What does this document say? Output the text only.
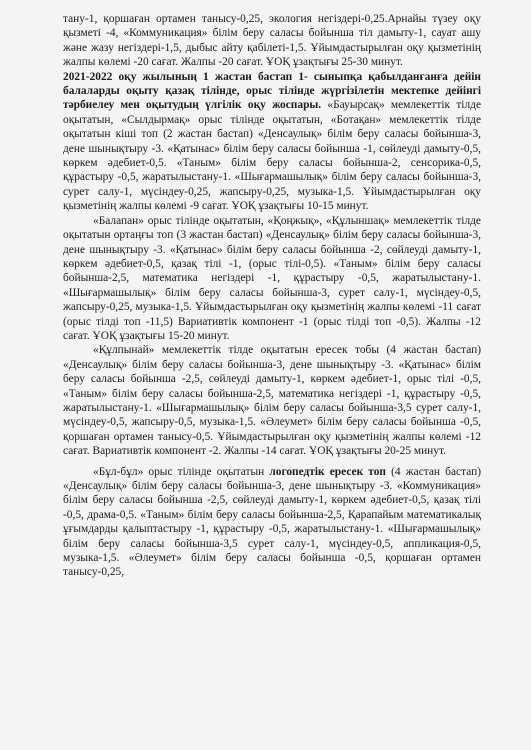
тану-1, қоршаған ортамен танысу-0,25, экология негіздері-0,25.Арнайы түзеу оқу қызметі -4, «Коммуникация» білім беру саласы бойынша тіл дамыту-1, сауат ашу және жазу негіздері-1,5, дыбыс айту қабілеті-1,5. Ұйымдастырылған оқу қызметінің жалпы көлемі -20 сағат. Жалпы -20 сағат. ҰОҚ ұзақтығы 25-30 минут.

2021-2022 оқу жылының 1 жастан бастап 1- сыныпқа қабылданғанға дейін балаларды оқыту қазақ тілінде, орыс тілінде жүргізілетін мектепке дейінгі тәрбиелеу мен оқытудың үлгілік оқу жоспары. «Бауырсақ» мемлекеттік тілде оқытатын, «Сылдырмақ» орыс тілінде оқытатын, «Ботақан» мемлекеттік тілде оқытатын кіші топ (2 жастан бастап) «Денсаулық» білім беру саласы бойынша-3, дене шынықтыру -3. «Қатынас» білім беру саласы бойынша -1, сөйлеуді дамыту-0,5, көркем әдебиет-0,5. «Таным» білім беру саласы бойынша-2, сенсорика-0,5, құрастыру -0,5, жаратылыстану-1. «Шығармашылық» білім беру саласы бойынша-3, сурет салу-1, мүсіндеу-0,25, жапсыру-0,25, музыка-1,5. Ұйымдастырылған оқу қызметінің жалпы көлемі -9 сағат. ҰОҚ ұзақтығы 10-15 минут.

«Балапан» орыс тілінде оқытатын, «Қоңжық», «Құлыншақ» мемлекеттік тілде оқытатын ортаңғы топ (3 жастан бастап) «Денсаулық» білім беру саласы бойынша-3, дене шынықтыру -3. «Қатынас» білім беру саласы бойынша -2, сөйлеуді дамыту-1, көркем әдебиет-0,5, қазақ тілі -1, (орыс тілі-0,5). «Таным» білім беру саласы бойынша-2,5, математика негіздері -1, құрастыру -0,5, жаратылыстану-1. «Шығармашылық» білім беру саласы бойынша-3, сурет салу-1, мүсіндеу-0,5, жапсыру-0,25, музыка-1,5. Ұйымдастырылған оқу қызметінің жалпы көлемі -11 сағат (орыс тілді топ -11,5) Вариативтік компонент -1 (орыс тілді топ -0,5). Жалпы -12 сағат. ҰОҚ ұзақтығы 15-20 минут.

«Құлпынай» мемлекеттік тілде оқытатын ересек тобы (4 жастан бастап) «Денсаулық» білім беру саласы бойынша-3, дене шынықтыру -3. «Қатынас» білім беру саласы бойынша -2,5, сөйлеуді дамыту-1, көркем әдебиет-1, орыс тілі -0,5, «Таным» білім беру саласы бойынша-2,5, математика негіздері -1, құрастыру -0,5, жаратылыстану-1. «Шығармашылық» білім беру саласы бойынша-3,5 сурет салу-1, мүсіндеу-0,5, жапсыру-0,5, музыка-1,5. «Әлеумет» білім беру саласы бойынша -0,5, қоршаған ортамен танысу-0,5. Ұйымдастырылған оқу қызметінің жалпы көлемі -12 сағат. Вариативтік компонент -2. Жалпы -14 сағат. ҰОҚ ұзақтығы 20-25 минут.

«Бұл-бұл» орыс тілінде оқытатын логопедтік ересек топ (4 жастан бастап) «Денсаулық» білім беру саласы бойынша-3, дене шынықтыру -3. «Коммуникация» білім беру саласы бойынша -2,5, сөйлеуді дамыту-1, көркем әдебиет-0,5, қазақ тілі -0,5, драма-0,5. «Таным» білім беру саласы бойынша-2,5, Қарапайым математикалық ұғымдарды қалыптастыру -1, құрастыру -0,5, жаратылыстану-1. «Шығармашылық» білім беру саласы бойынша-3,5 сурет салу-1, мүсіндеу-0,5, аппликация-0,5, музыка-1,5. «Әлеумет» білім беру саласы бойынша -0,5, қоршаған ортамен танысу-0,25,
